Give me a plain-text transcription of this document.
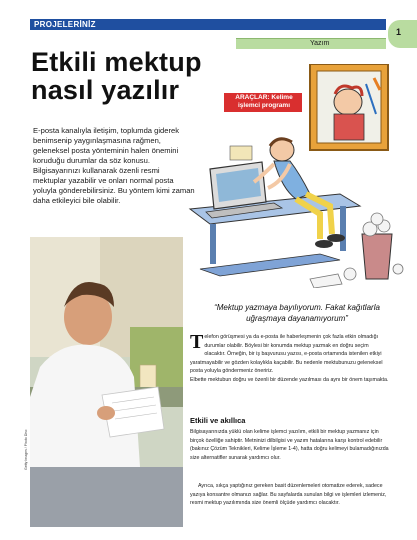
PROJELERİNİZ
Yazım
1
Etkili mektup
nasıl yazılır	ARAÇLAR: Kelime işlemci programı
E-posta kanalıyla iletişim, toplumda giderek benimsenip yaygınlaşmasına rağmen, geleneksel posta yönteminin halen önemini koruduğu durumlar da söz konusu. Bilgisayarınızı kullanarak özenli resmi mektuplar yazabilir ve onları normal posta yoluyla gönderebilirsiniz. Bu yöntem kimi zaman daha etkileyici bile olabilir.
Getty Images / Photo Disc
“Mektup yazmaya bayılıyorum. Fakat kağıtlarla uğraşmaya dayanamıyorum”
Telefon görüşmesi ya da e-posta ile haberleşmenin çok fazla etkin olmadığı durumlar olabilir. Böylesi bir konumda mektup yazmak en doğru seçim olacaktır. Örneğin, bir iş başvurusu yazısı, e-posta ortamında istenilen etkiyi yaratmayabilir ve gözden kolaylıkla kaçabilir. Bu nedenle mektubunuzu geleneksel posta yoluyla göndermeniz öneririz.

Elbette mektubun doğru ve özenli bir düzende yazılması da aynı bir önem taşımakta.

Etkili ve akıllıca
Bilgisayarınızda yüklü olan kelime işlemci yazılım, etkili bir mektup yazmanız için birçok özelliğe sahiptir. Metninizi dilbilgisi ve yazım hatalarına karşı kontrol edebilir (bakınız Çözüm Teknikleri, Kelime İşleme 1-4), hatta doğru kelimeyi bulamadığınızda size alternatifler sunarak yardımcı olur.
Ayrıca, sıkça yaptığınız gereken basit düzenlemeleri otomatize ederek, sadece yazıya konsantre olmanızı sağlar. Bu sayfalarda sunulan bilgi ve işlemleri izlemeniz, resmi mektup yazılımında size önemli ölçüde yardımcı olacaktır.
